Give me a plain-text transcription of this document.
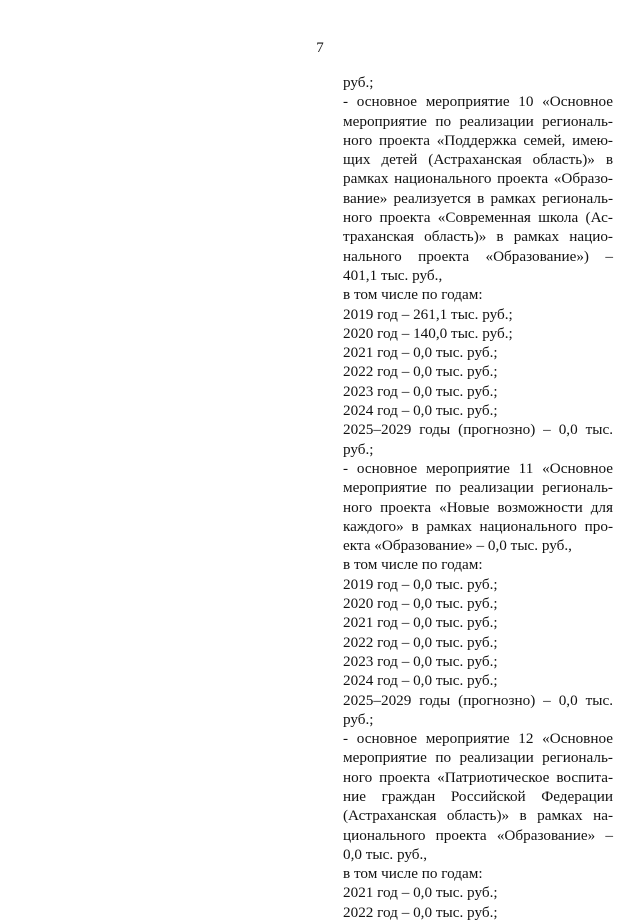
7
руб.;
- основное мероприятие 10 «Основное
мероприятие по реализации региональ-
ного проекта «Поддержка семей, имею-
щих детей (Астраханская область)» в
рамках национального проекта «Образо-
вание» реализуется в рамках региональ-
ного проекта «Современная школа (Ас-
траханская область)» в рамках нацио-
нального проекта «Образование») –
401,1 тыс. руб.,
в том числе по годам:
2019 год – 261,1 тыс. руб.;
2020 год – 140,0 тыс. руб.;
2021 год – 0,0 тыс. руб.;
2022 год – 0,0 тыс. руб.;
2023 год – 0,0 тыс. руб.;
2024 год – 0,0 тыс. руб.;
2025–2029 годы (прогнозно) – 0,0 тыс.
руб.;
- основное мероприятие 11 «Основное
мероприятие по реализации региональ-
ного проекта «Новые возможности для
каждого» в рамках национального про-
екта «Образование» – 0,0 тыс. руб.,
в том числе по годам:
2019 год – 0,0 тыс. руб.;
2020 год – 0,0 тыс. руб.;
2021 год – 0,0 тыс. руб.;
2022 год – 0,0 тыс. руб.;
2023 год – 0,0 тыс. руб.;
2024 год – 0,0 тыс. руб.;
2025–2029 годы (прогнозно) – 0,0 тыс.
руб.;
- основное мероприятие 12 «Основное
мероприятие по реализации региональ-
ного проекта «Патриотическое воспита-
ние граждан Российской Федерации
(Астраханская область)» в рамках на-
ционального проекта «Образование» –
0,0 тыс. руб.,
в том числе по годам:
2021 год – 0,0 тыс. руб.;
2022 год – 0,0 тыс. руб.;
